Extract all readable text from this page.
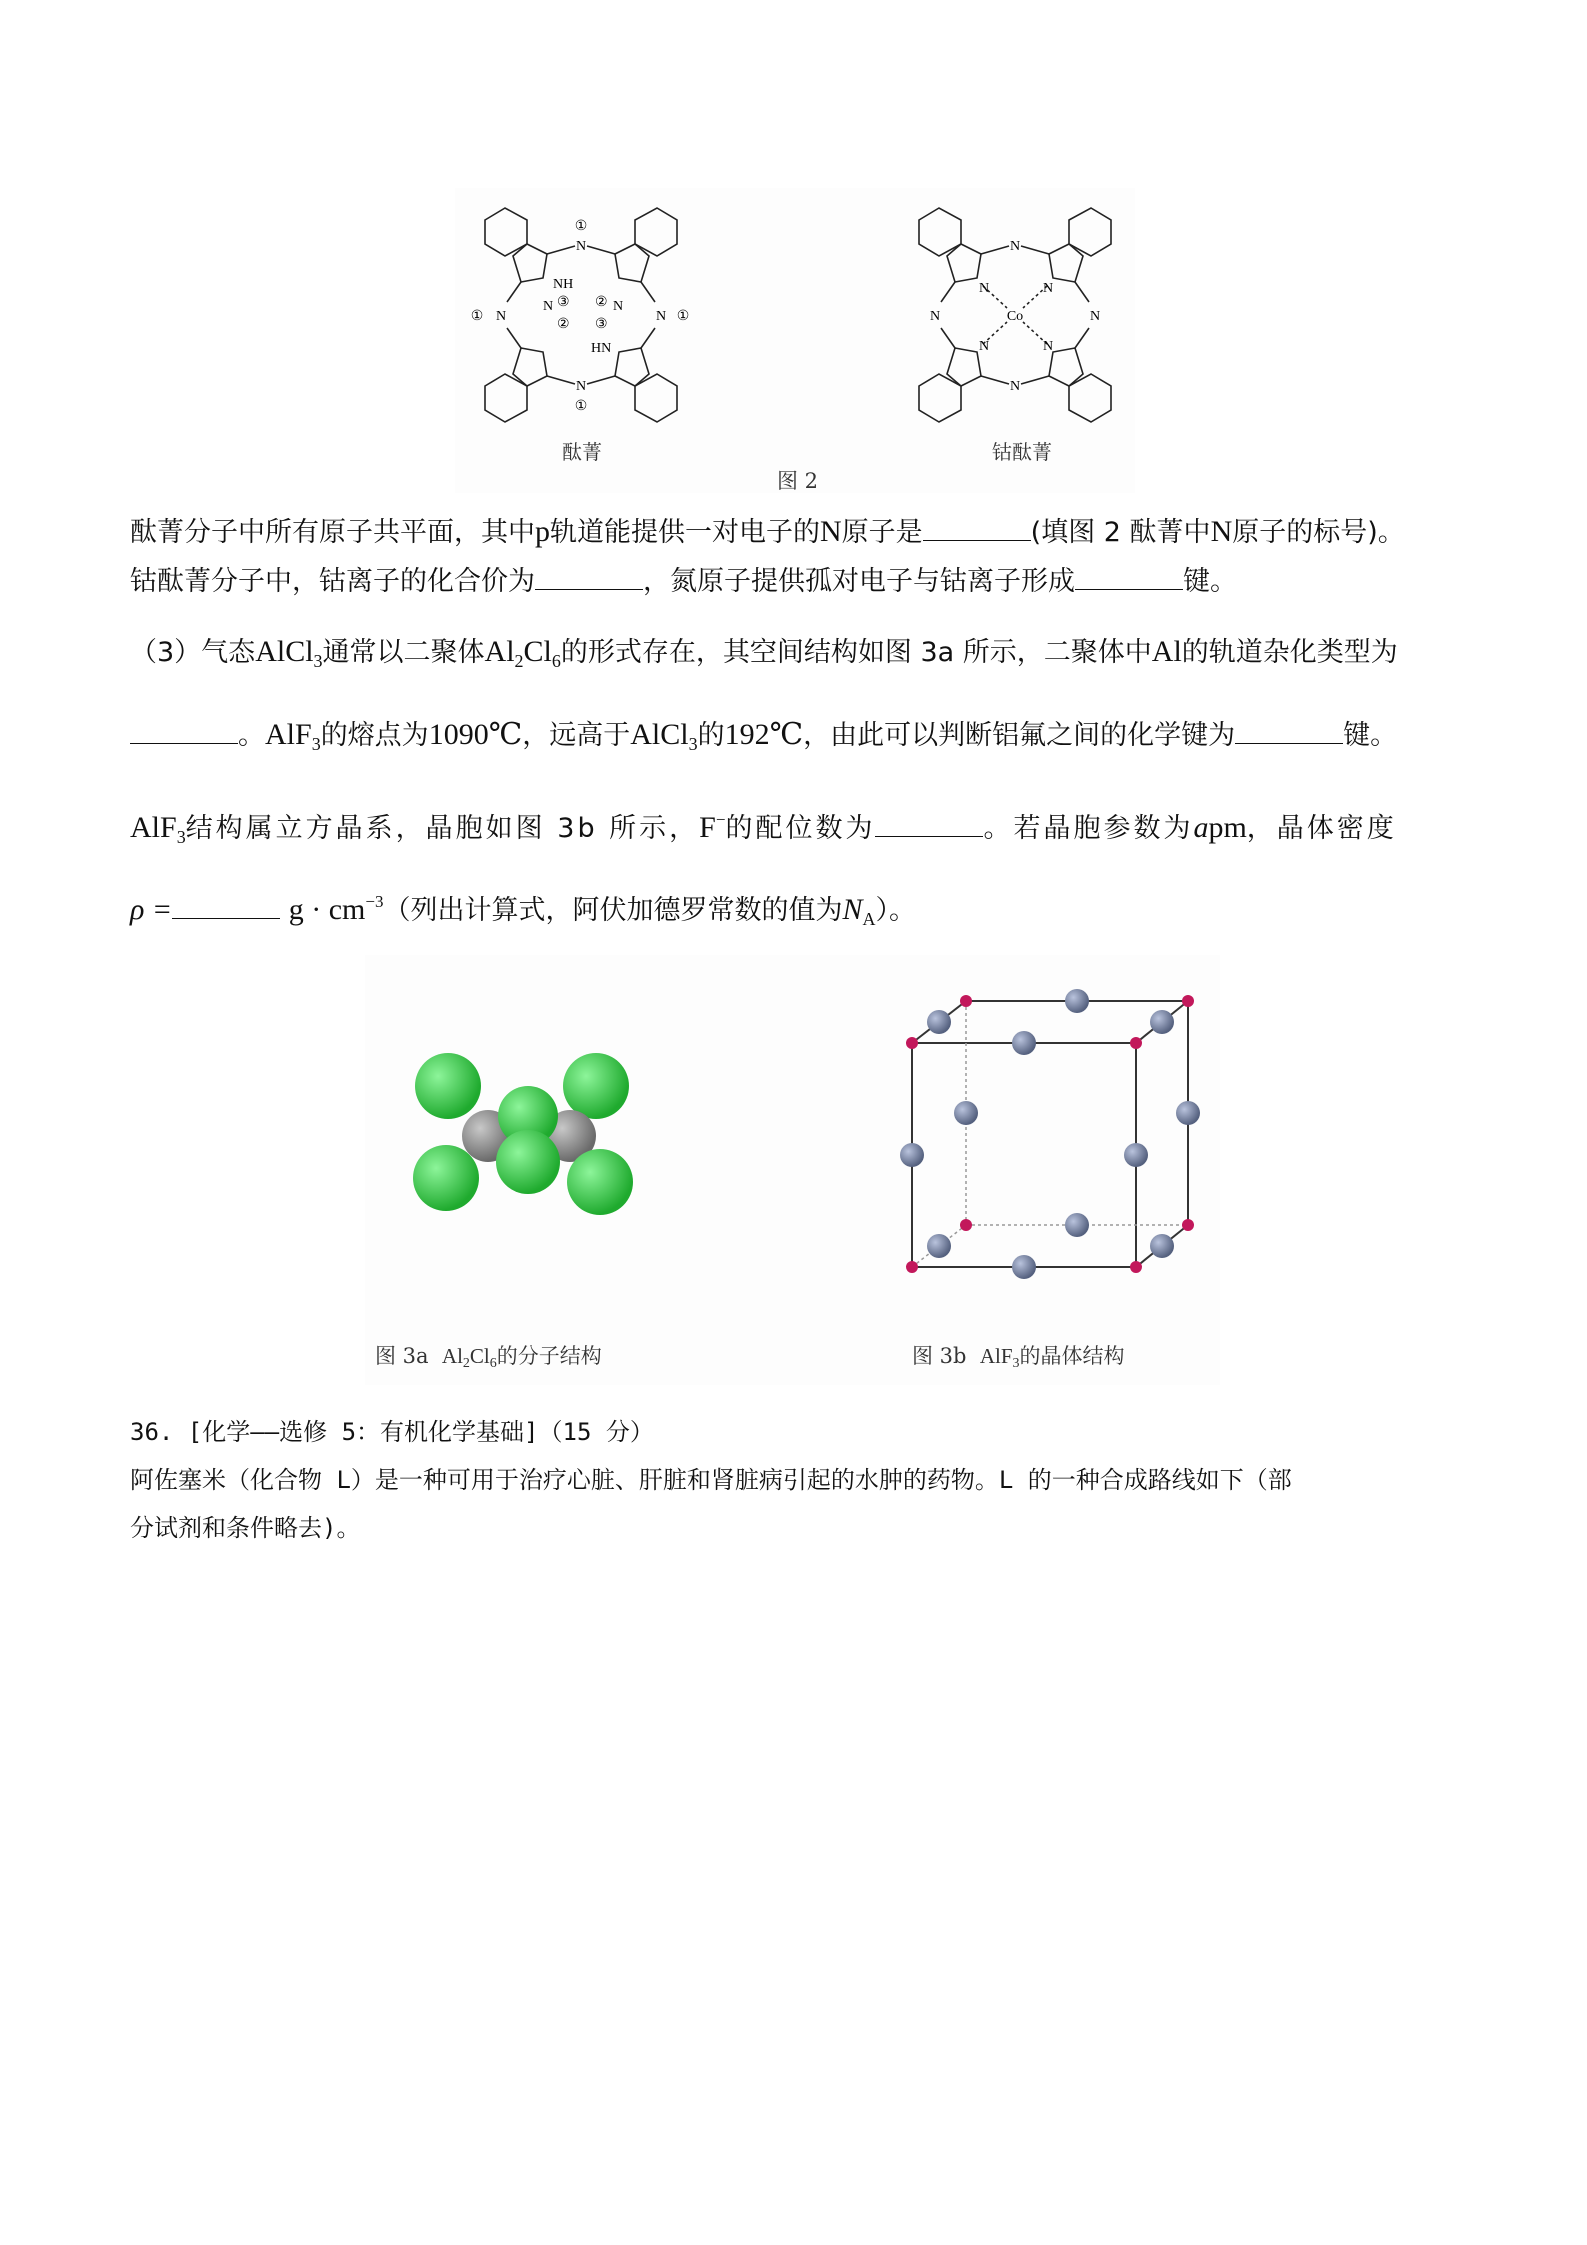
N
N
N	N
NH
HN
①
①
①	①
③
②
②
③
N	N
Co
N
N
N	N
N	N
N	N
酞菁	钴酞菁
图 2
酞菁分子中所有原子共平面，其中p轨道能提供一对电子的N原子是	(填图 2 酞菁中N原子的标号)。
钴酞菁分子中，钴离子的化合价为	，氮原子提供孤对电子与钴离子形成	键。
（3）气态AlCl$_3$通常以二聚体$Al_2Cl_6$的形式存在，其空间结构如图 3a 所示，二聚体中Al的轨道杂化类型为
。AlF$_3$的熔点为1090℃，远高于AlCl$_3$的192℃，由此可以判断铝氟之间的化学键为	键。
AlF$_3$结构属立方晶系，晶胞如图 3b 所示，F−的配位数为	。若晶胞参数为apm，晶体密度
ρ =	$g \cdot cm^{-3}$（列出计算式，阿伏加德罗常数的值为$N_A$）。
图 3a $Al_2Cl_6$的分子结构	图 3b AlF$_3$的晶体结构
36. [化学——选修 5：有机化学基础]（15 分）
阿佐塞米（化合物 L）是一种可用于治疗心脏、肝脏和肾脏病引起的水肿的药物。L 的一种合成路线如下（部
分试剂和条件略去)。
